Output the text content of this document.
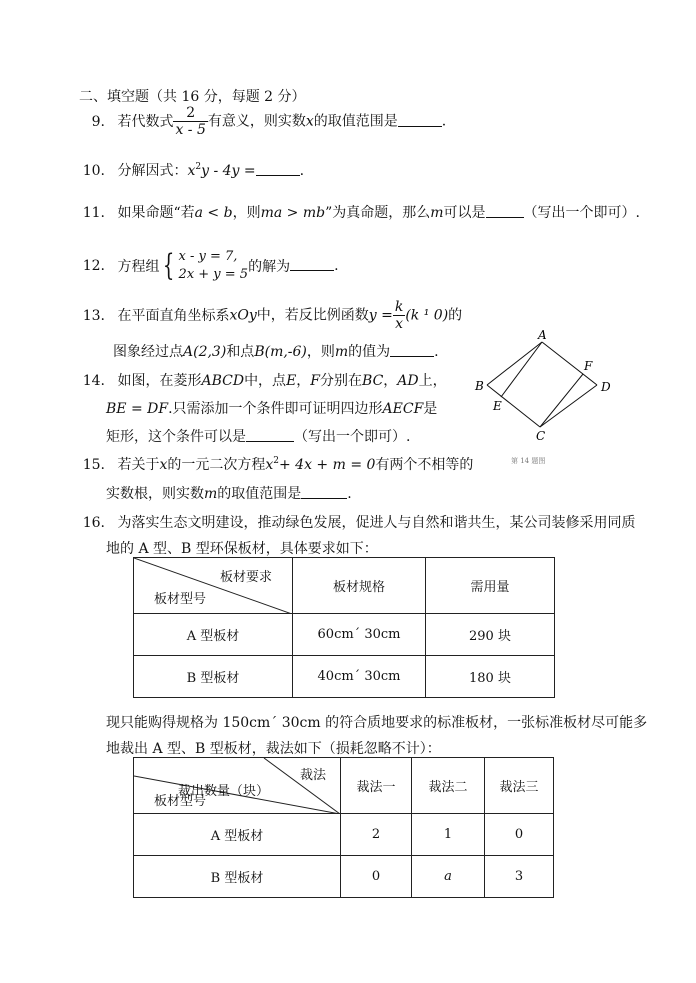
二、填空题（共 16 分，每题 2 分）
9. 若代数式 $\frac{2}{x - 5}$ 有意义，则实数x的取值范围是	.
10. 分解因式：$x^2y - 4y$ =	.
11. 如果命题“若a < b，则ma > mb”为真命题，那么m可以是	（写出一个即可）.
12. 方程组 { x - y = 7,
2x + y = 5 的解为	.
13. 在平面直角坐标系xOy中，若反比例函数$y = \frac{k}{x} (k$ ¹ 0)的
图象经过点A(2,3)和点B(m,-6)，则m的值为	.
14. 如图，在菱形ABCD中，点E，F分别在BC，AD上，
BE = DF.只需添加一个条件即可证明四边形AECF是
矩形，这个条件可以是	（写出一个即可）.
A
B
C
D
E
F
第 14 题图
15. 若关于x的一元二次方程$x^2+ 4x + m = 0$有两个不相等的
实数根，则实数m的取值范围是	.
16. 为落实生态文明建设，推动绿色发展，促进人与自然和谐共生，某公司装修采用同质
地的 A 型、B 型环保板材，具体要求如下：
板材要求
板材型号	板材规格	需用量
A 型板材	60cm´ 30cm	290 块
B 型板材	40cm´ 30cm	180 块
现只能购得规格为 150cm´ 30cm 的符合质地要求的标准板材，一张标准板材尽可能多
地裁出 A 型、B 型板材，裁法如下（损耗忽略不计）：
裁法
裁出数量（块）
板材型号	裁法一	裁法二	裁法三
A 型板材	2	1	0
B 型板材	0	a	3
